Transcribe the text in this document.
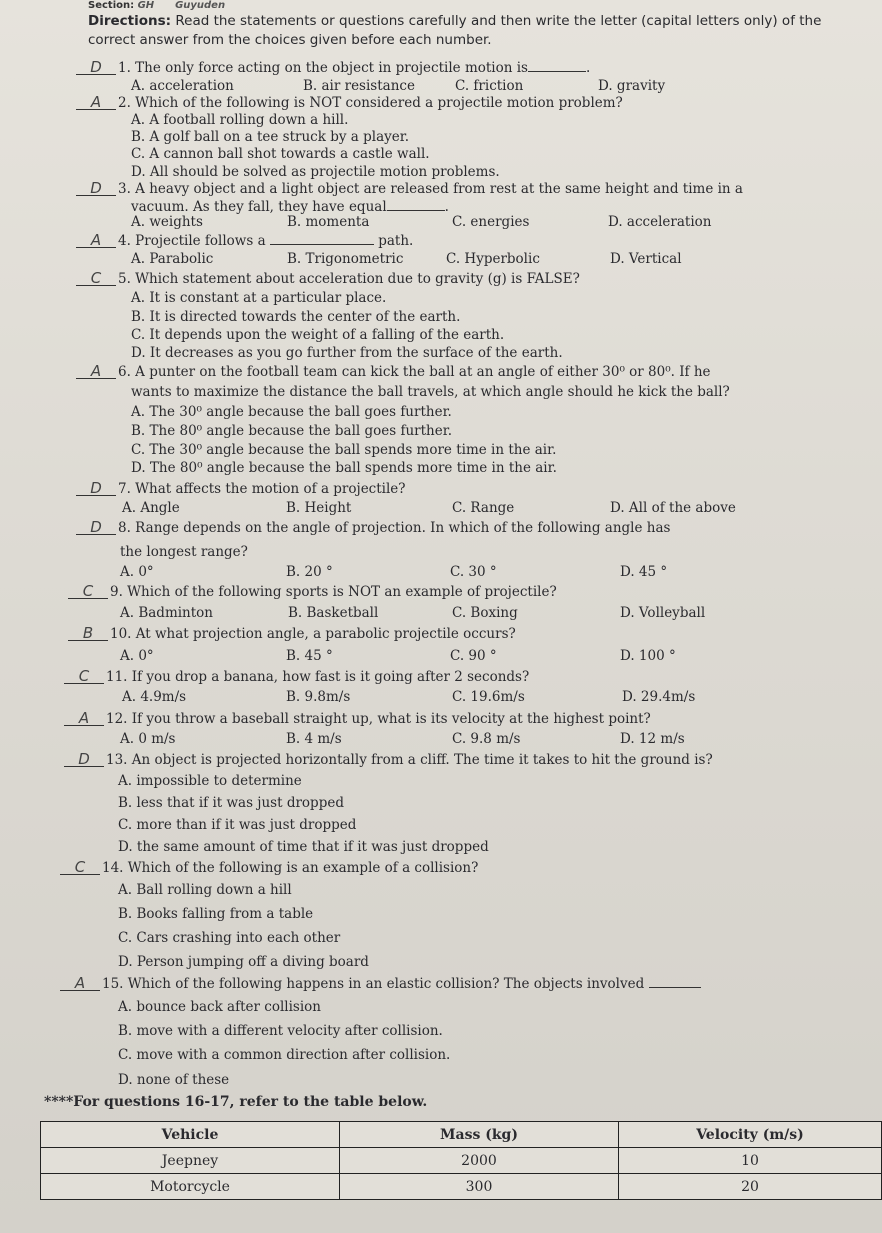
Section: GH Guyuden
Directions: Read the statements or questions carefully and then write the letter (capital letters only) of the correct answer from the choices given before each number.
D 1. The only force acting on the object in projectile motion is	.
A. acceleration	B. air resistance	C. friction	D. gravity
A 2. Which of the following is NOT considered a projectile motion problem?
A. A football rolling down a hill.
B. A golf ball on a tee struck by a player.
C. A cannon ball shot towards a castle wall.
D. All should be solved as projectile motion problems.
D 3. A heavy object and a light object are released from rest at the same height and time in a
vacuum. As they fall, they have equal	.
A. weights	B. momenta	C. energies	D. acceleration
A 4. Projectile follows a	path.
A. Parabolic	B. Trigonometric	C. Hyperbolic	D. Vertical
C 5. Which statement about acceleration due to gravity (g) is FALSE?
A. It is constant at a particular place.
B. It is directed towards the center of the earth.
C. It depends upon the weight of a falling of the earth.
D. It decreases as you go further from the surface of the earth.
A 6. A punter on the football team can kick the ball at an angle of either 30⁰ or 80⁰. If he
wants to maximize the distance the ball travels, at which angle should he kick the ball?
A. The 30⁰ angle because the ball goes further.
B. The 80⁰ angle because the ball goes further.
C. The 30⁰ angle because the ball spends more time in the air.
D. The 80⁰ angle because the ball spends more time in the air.
D 7. What affects the motion of a projectile?
A. Angle	B. Height	C. Range	D. All of the above
D 8. Range depends on the angle of projection. In which of the following angle has
the longest range?
A. 0°	B. 20 °	C. 30 °	D. 45 °
C 9. Which of the following sports is NOT an example of projectile?
A. Badminton	B. Basketball	C. Boxing	D. Volleyball
B 10. At what projection angle, a parabolic projectile occurs?
A. 0°	B. 45 °	C. 90 °	D. 100 °
C 11. If you drop a banana, how fast is it going after 2 seconds?
A. 4.9m/s	B. 9.8m/s	C. 19.6m/s	D. 29.4m/s
A 12. If you throw a baseball straight up, what is its velocity at the highest point?
A. 0 m/s	B. 4 m/s	C. 9.8 m/s	D. 12 m/s
D 13. An object is projected horizontally from a cliff. The time it takes to hit the ground is?
A. impossible to determine
B. less that if it was just dropped
C. more than if it was just dropped
D. the same amount of time that if it was just dropped
C 14. Which of the following is an example of a collision?
A. Ball rolling down a hill
B. Books falling from a table
C. Cars crashing into each other
D. Person jumping off a diving board
A 15. Which of the following happens in an elastic collision? The objects involved
A. bounce back after collision
B. move with a different velocity after collision.
C. move with a common direction after collision.
D. none of these
****For questions 16-17, refer to the table below.
Vehicle	Mass (kg)	Velocity (m/s)
Jeepney	2000	10
Motorcycle	300	20
